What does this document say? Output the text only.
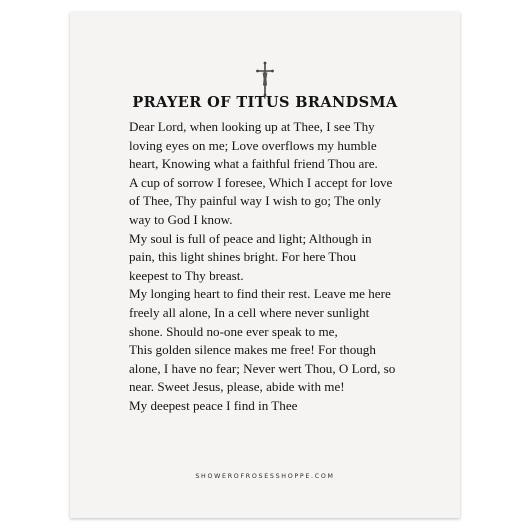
PRAYER OF TITUS BRANDSMA
Dear Lord, when looking up at Thee, I see Thy
loving eyes on me; Love overflows my humble
heart, Knowing what a faithful friend Thou are.
A cup of sorrow I foresee, Which I accept for love
of Thee, Thy painful way I wish to go; The only
way to God I know.
My soul is full of peace and light; Although in
pain, this light shines bright. For here Thou
keepest to Thy breast.
My longing heart to find their rest. Leave me here
freely all alone, In a cell where never sunlight
shone. Should no-one ever speak to me,
This golden silence makes me free! For though
alone, I have no fear; Never wert Thou, O Lord, so
near. Sweet Jesus, please, abide with me!
My deepest peace I find in Thee
SHOWEROFROSESSHOPPE.COM
